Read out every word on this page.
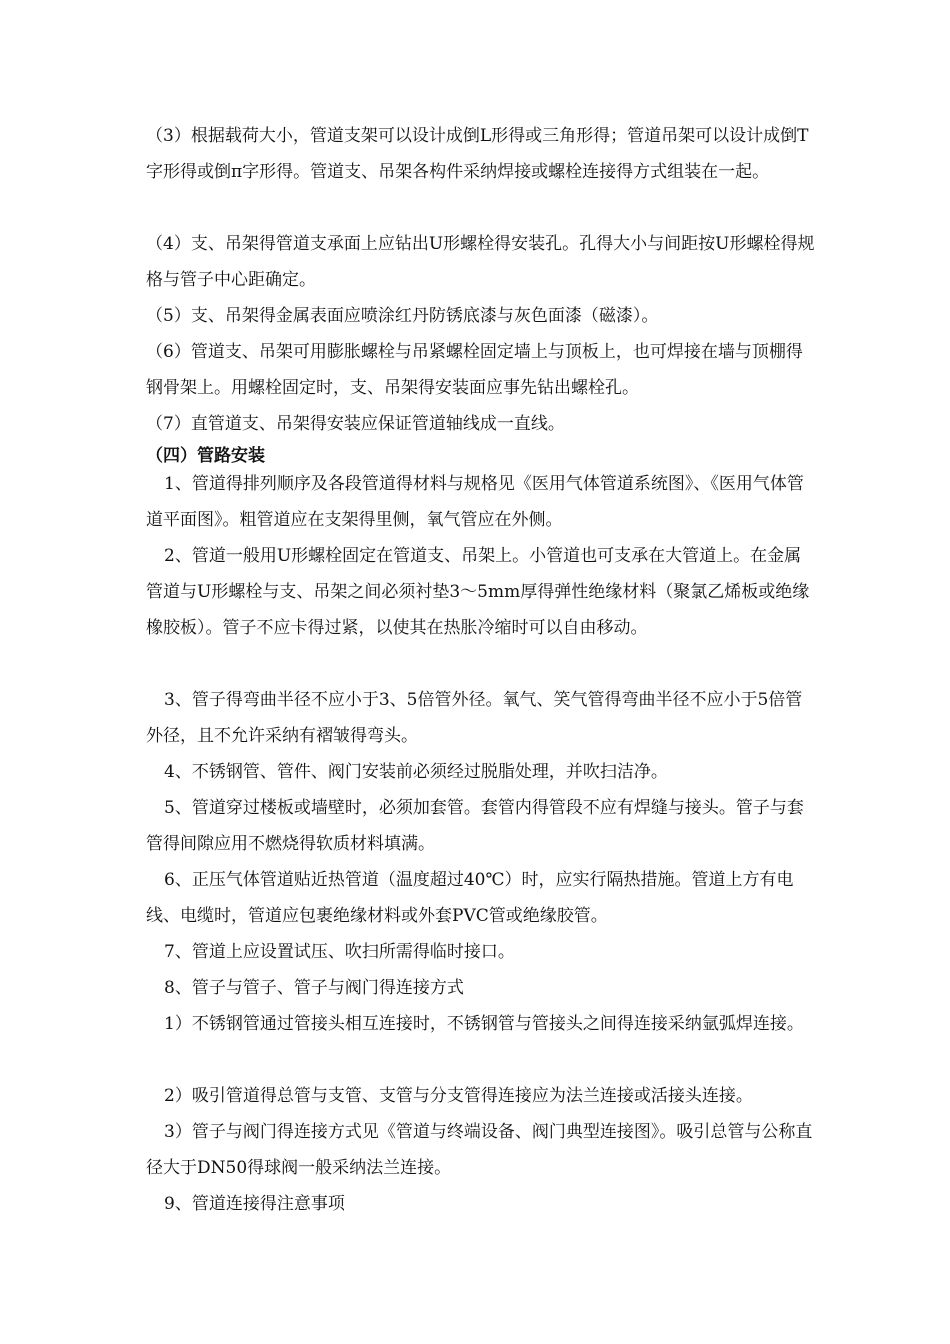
（3）根据载荷大小，管道支架可以设计成倒L形得或三角形得；管道吊架可以设计成倒T字形得或倒π字形得。管道支、吊架各构件采纳焊接或螺栓连接得方式组装在一起。

（4）支、吊架得管道支承面上应钻出U形螺栓得安装孔。孔得大小与间距按U形螺栓得规格与管子中心距确定。

（5）支、吊架得金属表面应喷涂红丹防锈底漆与灰色面漆（磁漆）。

（6）管道支、吊架可用膨胀螺栓与吊紧螺栓固定墙上与顶板上，也可焊接在墙与顶棚得钢骨架上。用螺栓固定时，支、吊架得安装面应事先钻出螺栓孔。

（7）直管道支、吊架得安装应保证管道轴线成一直线。

（四）管路安装

1、管道得排列顺序及各段管道得材料与规格见《医用气体管道系统图》、《医用气体管道平面图》。粗管道应在支架得里侧，氧气管应在外侧。

2、管道一般用U形螺栓固定在管道支、吊架上。小管道也可支承在大管道上。在金属管道与U形螺栓与支、吊架之间必须衬垫3～5mm厚得弹性绝缘材料（聚氯乙烯板或绝缘橡胶板）。管子不应卡得过紧，以使其在热胀冷缩时可以自由移动。

3、管子得弯曲半径不应小于3、5倍管外径。氧气、笑气管得弯曲半径不应小于5倍管外径，且不允许采纳有褶皱得弯头。

4、不锈钢管、管件、阀门安装前必须经过脱脂处理，并吹扫洁净。

5、管道穿过楼板或墙壁时，必须加套管。套管内得管段不应有焊缝与接头。管子与套管得间隙应用不燃烧得软质材料填满。

6、正压气体管道贴近热管道（温度超过40℃）时，应实行隔热措施。管道上方有电线、电缆时，管道应包裹绝缘材料或外套PVC管或绝缘胶管。

7、管道上应设置试压、吹扫所需得临时接口。

8、管子与管子、管子与阀门得连接方式

1）不锈钢管通过管接头相互连接时，不锈钢管与管接头之间得连接采纳氩弧焊连接。

2）吸引管道得总管与支管、支管与分支管得连接应为法兰连接或活接头连接。

3）管子与阀门得连接方式见《管道与终端设备、阀门典型连接图》。吸引总管与公称直径大于DN50得球阀一般采纳法兰连接。

9、管道连接得注意事项
